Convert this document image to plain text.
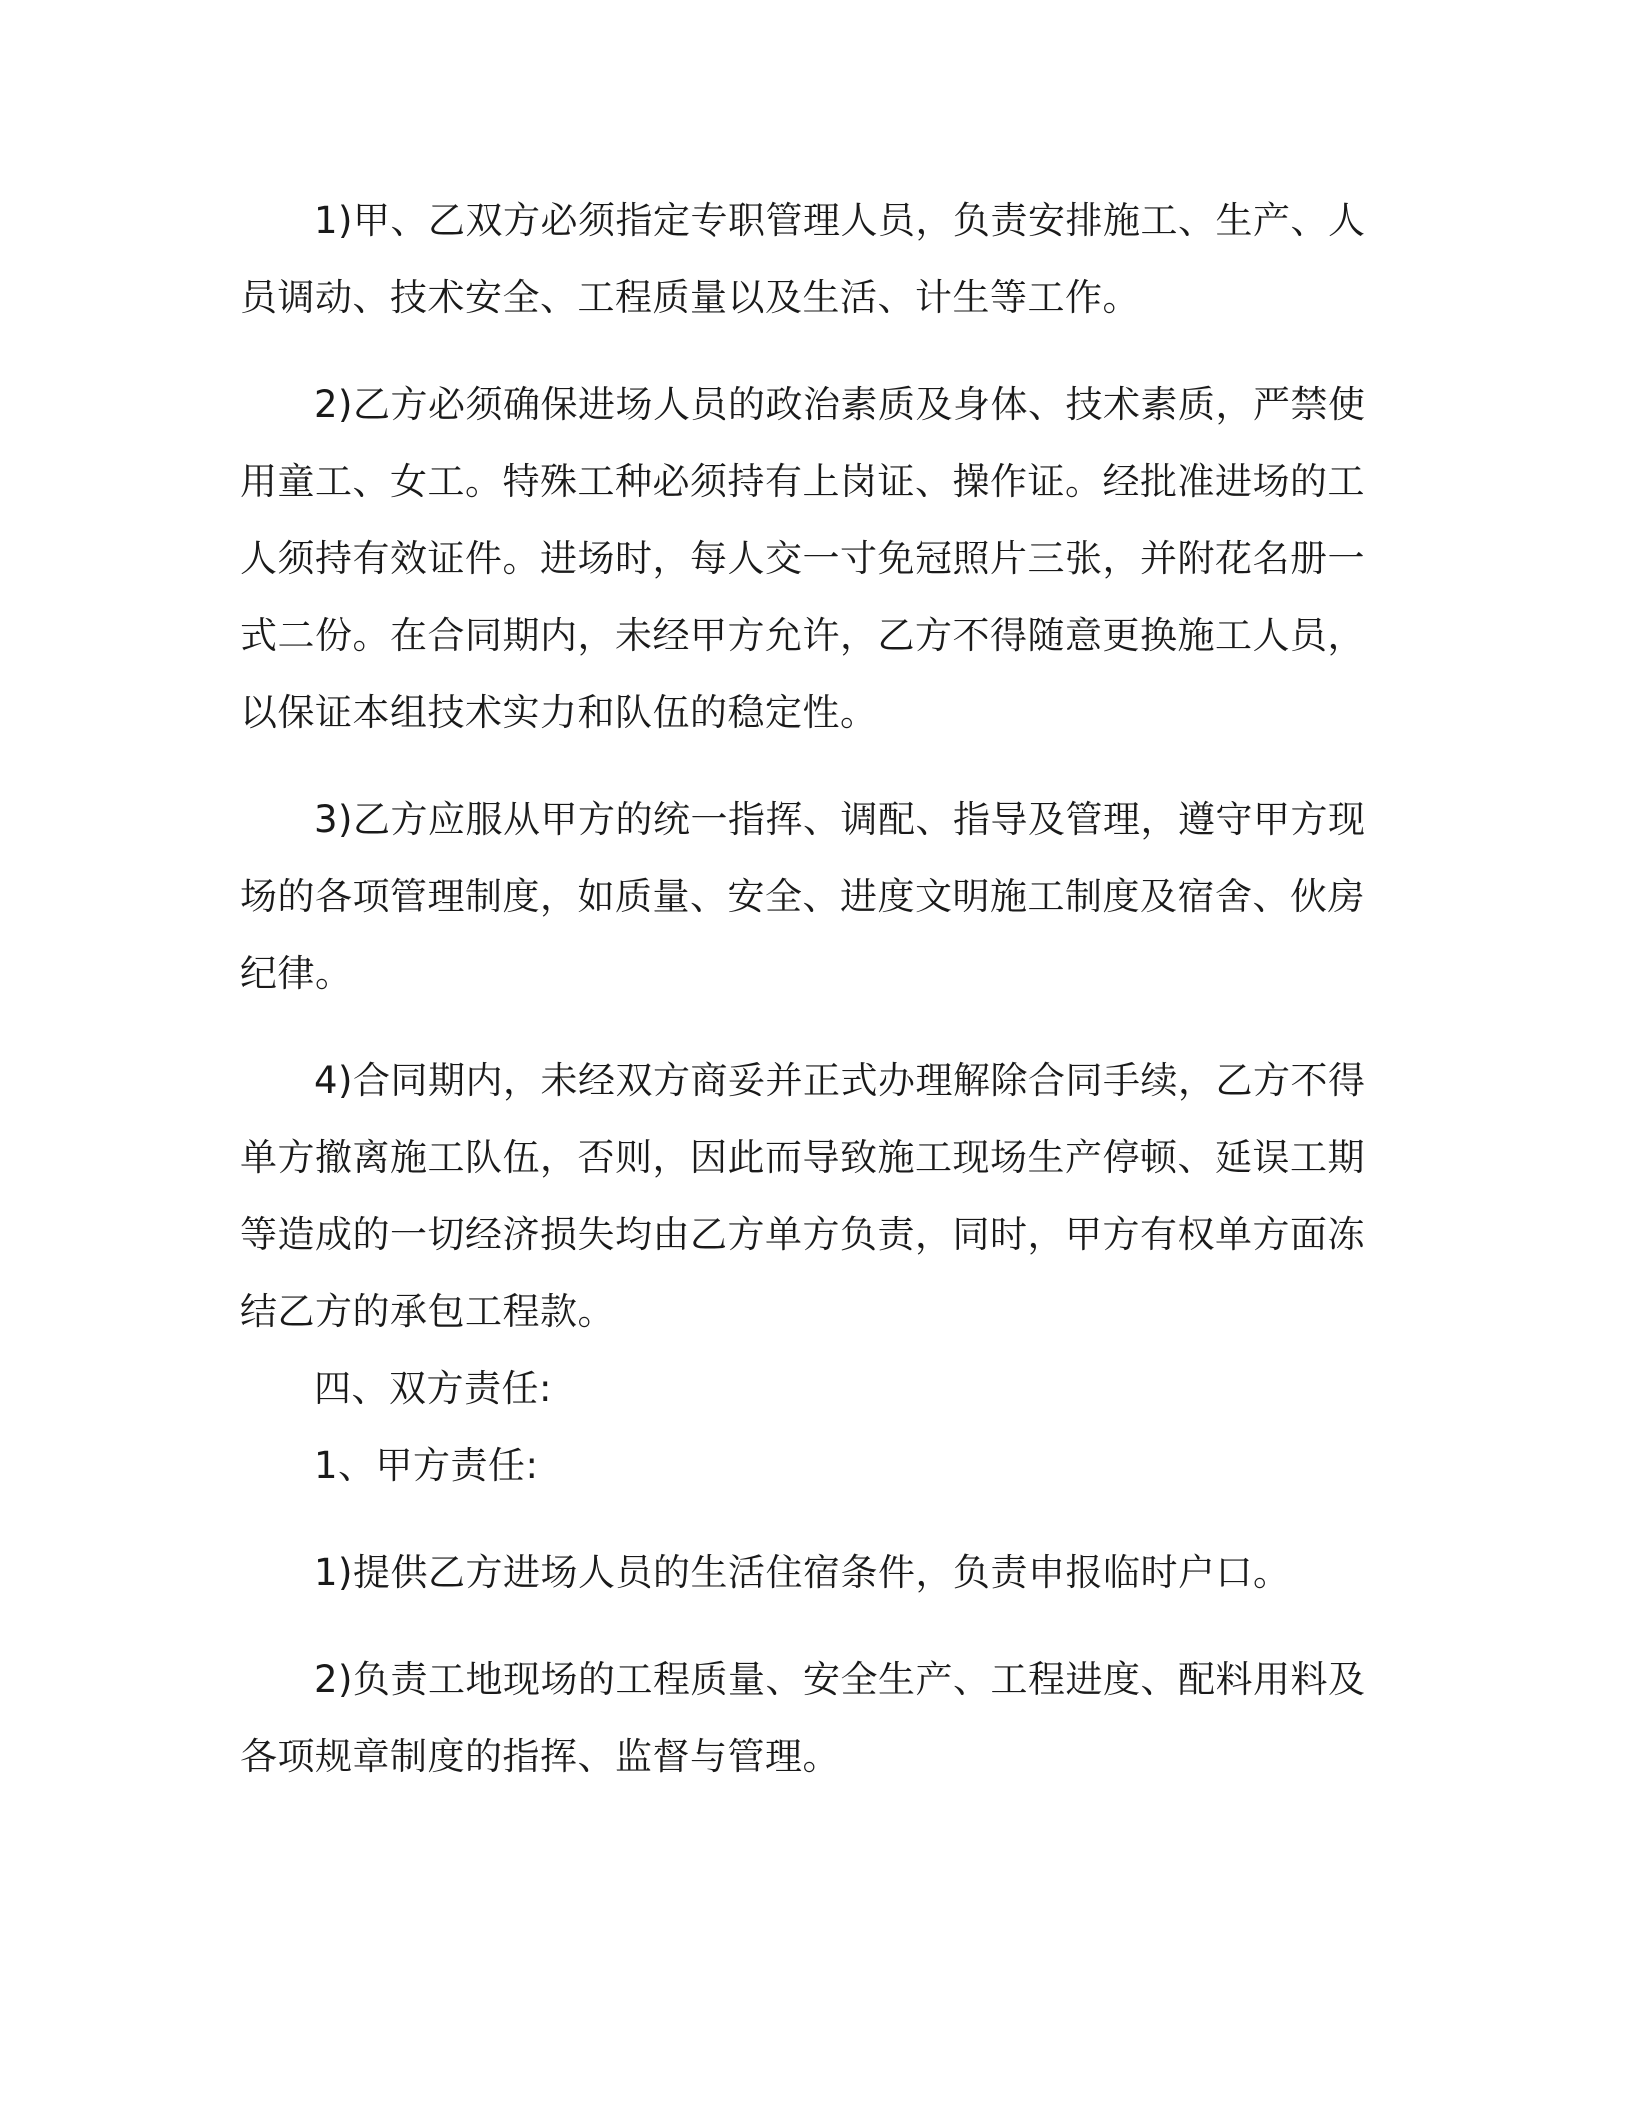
1)甲、乙双方必须指定专职管理人员，负责安排施工、生产、人员调动、技术安全、工程质量以及生活、计生等工作。

2)乙方必须确保进场人员的政治素质及身体、技术素质，严禁使用童工、女工。特殊工种必须持有上岗证、操作证。经批准进场的工人须持有效证件。进场时，每人交一寸免冠照片三张，并附花名册一式二份。在合同期内，未经甲方允许，乙方不得随意更换施工人员，以保证本组技术实力和队伍的稳定性。

3)乙方应服从甲方的统一指挥、调配、指导及管理，遵守甲方现场的各项管理制度，如质量、安全、进度文明施工制度及宿舍、伙房纪律。

4)合同期内，未经双方商妥并正式办理解除合同手续，乙方不得单方撤离施工队伍，否则，因此而导致施工现场生产停顿、延误工期等造成的一切经济损失均由乙方单方负责，同时，甲方有权单方面冻结乙方的承包工程款。

四、双方责任:

1、甲方责任:

1)提供乙方进场人员的生活住宿条件，负责申报临时户口。

2)负责工地现场的工程质量、安全生产、工程进度、配料用料及各项规章制度的指挥、监督与管理。
